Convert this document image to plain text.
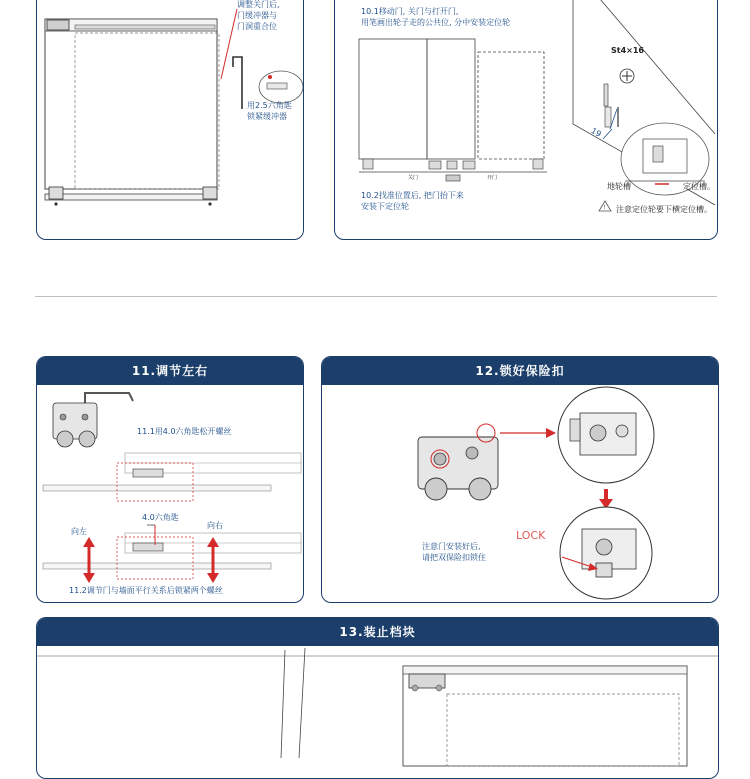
调整关门后,
门缓冲器与
门洞重合位
用2.5六角匙
锁紧缓冲器
!
10.1移动门, 关门与打开门,
用笔画出轮子走的公共位, 分中安装定位轮
关门	开门
10.2找准位置后, 把门抬下来
安装下定位轮
St4×16
19
地轮槽	定位槽。
注意定位轮要下横定位槽。
11.调节左右
11.1用4.0六角匙松开螺丝
4.0六角匙
向左
向右
11.2调节门与墙面平行关系后锁紧两个螺丝
12.锁好保险扣
注意门安装好后,
请把双保险扣锁住
LOCK
13.装止档块
